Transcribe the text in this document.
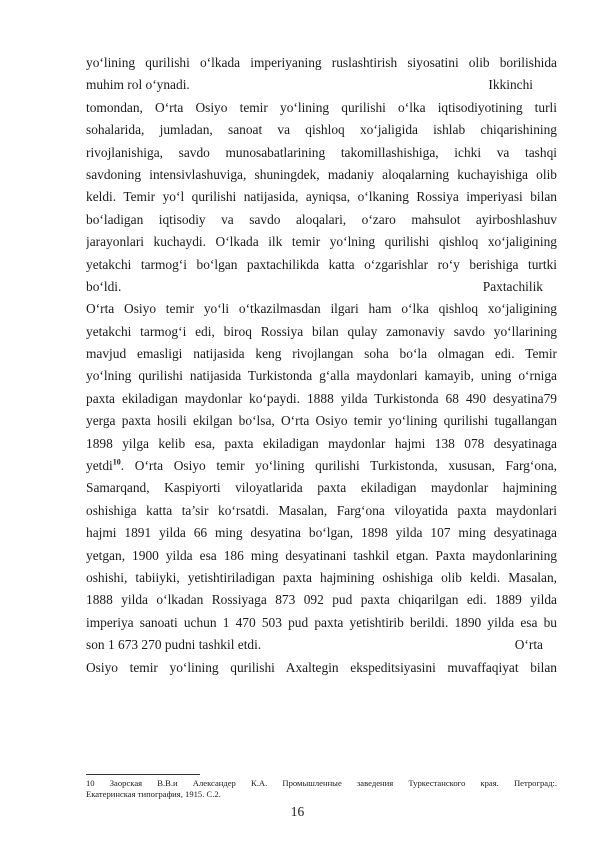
yo‘lining qurilishi o‘lkada imperiyaning ruslashtirish siyosatini olib borilishida
muhim rol o‘ynadi.	Ikkinchi
tomondan, O‘rta Osiyo temir yo‘lining qurilishi o‘lka iqtisodiyotining turli
sohalarida, jumladan, sanoat va qishloq xo‘jaligida ishlab chiqarishining
rivojlanishiga, savdo munosabatlarining takomillashishiga, ichki va tashqi
savdoning intensivlashuviga, shuningdek, madaniy aloqalarning kuchayishiga olib
keldi. Temir yo‘l qurilishi natijasida, ayniqsa, o‘lkaning Rossiya imperiyasi bilan
bo‘ladigan iqtisodiy va savdo aloqalari, o‘zaro mahsulot ayirboshlashuv
jarayonlari kuchaydi. O‘lkada ilk temir yo‘lning qurilishi qishloq xo‘jaligining
yetakchi tarmog‘i bo‘lgan paxtachilikda katta o‘zgarishlar ro‘y berishiga turtki
bo‘ldi.	Paxtachilik
O‘rta Osiyo temir yo‘li o‘tkazilmasdan ilgari ham o‘lka qishloq xo‘jaligining
yetakchi tarmog‘i edi, biroq Rossiya bilan qulay zamonaviy savdo yo‘llarining
mavjud emasligi natijasida keng rivojlangan soha bo‘la olmagan edi. Temir
yo‘lning qurilishi natijasida Turkistonda g‘alla maydonlari kamayib, uning o‘rniga
paxta ekiladigan maydonlar ko‘paydi. 1888 yilda Turkistonda 68 490 desyatina79
yerga paxta hosili ekilgan bo‘lsa, O‘rta Osiyo temir yo‘lining qurilishi tugallangan
1898 yilga kelib esa, paxta ekiladigan maydonlar hajmi 138 078 desyatinaga
yetdi$^{10}$. O‘rta Osiyo temir yo‘lining qurilishi Turkistonda, xususan, Farg‘ona,
Samarqand, Kaspiyorti viloyatlarida paxta ekiladigan maydonlar hajmining
oshishiga katta ta’sir ko‘rsatdi. Masalan, Farg‘ona viloyatida paxta maydonlari
hajmi 1891 yilda 66 ming desyatina bo‘lgan, 1898 yilda 107 ming desyatinaga
yetgan, 1900 yilda esa 186 ming desyatinani tashkil etgan. Paxta maydonlarining
oshishi, tabiiyki, yetishtiriladigan paxta hajmining oshishiga olib keldi. Masalan,
1888 yilda o‘lkadan Rossiyaga 873 092 pud paxta chiqarilgan edi. 1889 yilda
imperiya sanoati uchun 1 470 503 pud paxta yetishtirib berildi. 1890 yilda esa bu
son 1 673 270 pudni tashkil etdi.	O‘rta
Osiyo temir yo‘lining qurilishi Axaltegin ekspeditsiyasini muvaffaqiyat bilan
10 Заорская В.В.и Александер К.А. Промышленные заведения Туркестанского края. Петроград:.
Екатеринская типография, 1915. С.2.
16
